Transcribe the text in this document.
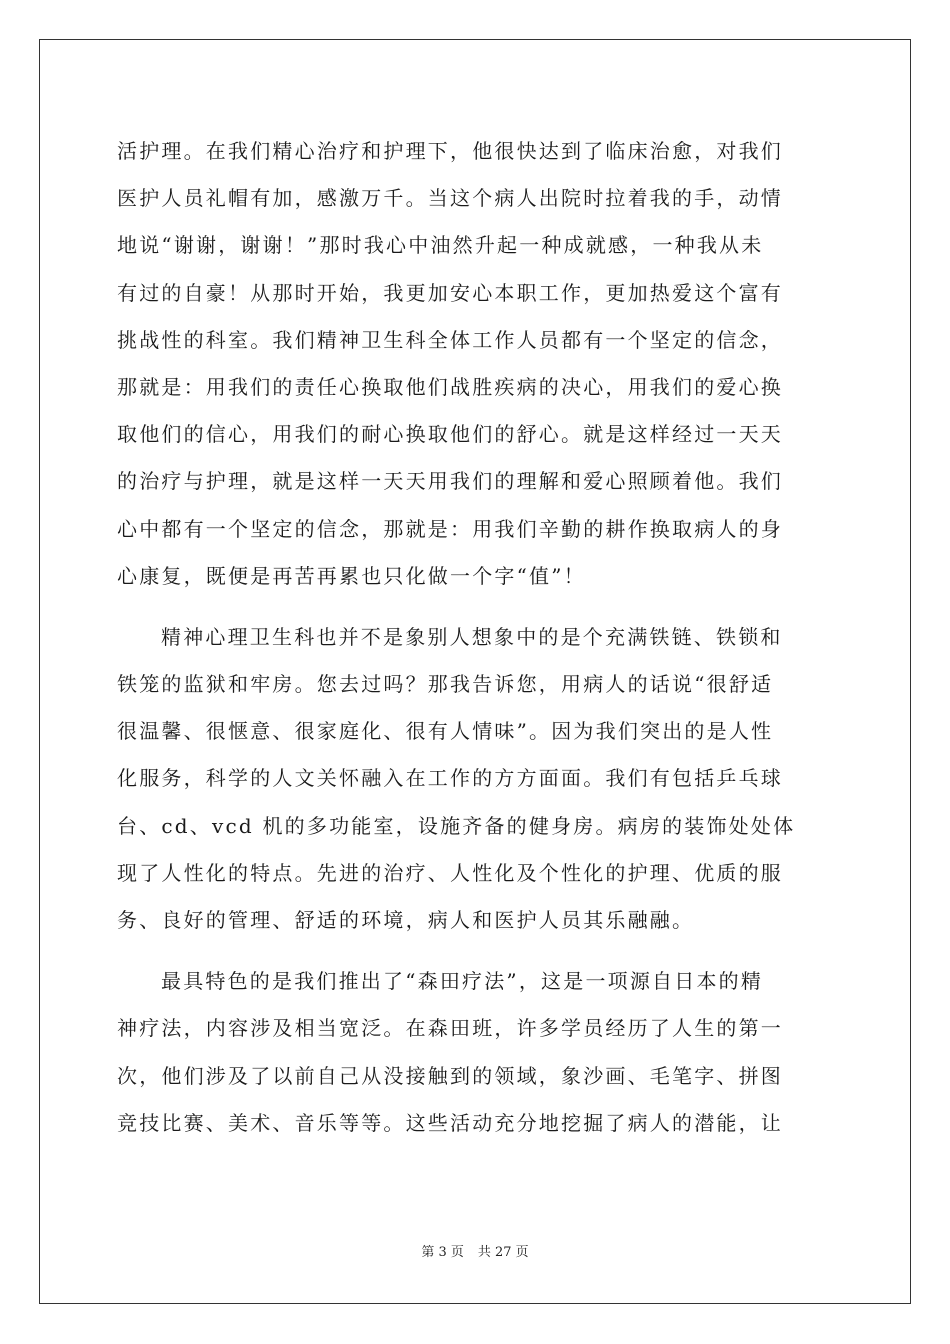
活护理。在我们精心治疗和护理下，他很快达到了临床治愈，对我们
医护人员礼帽有加，感激万千。当这个病人出院时拉着我的手，动情
地说“谢谢，谢谢！”那时我心中油然升起一种成就感，一种我从未
有过的自豪！从那时开始，我更加安心本职工作，更加热爱这个富有
挑战性的科室。我们精神卫生科全体工作人员都有一个坚定的信念，
那就是：用我们的责任心换取他们战胜疾病的决心，用我们的爱心换
取他们的信心，用我们的耐心换取他们的舒心。就是这样经过一天天
的治疗与护理，就是这样一天天用我们的理解和爱心照顾着他。我们
心中都有一个坚定的信念，那就是：用我们辛勤的耕作换取病人的身
心康复，既便是再苦再累也只化做一个字“值”！
精神心理卫生科也并不是象别人想象中的是个充满铁链、铁锁和
铁笼的监狱和牢房。您去过吗？那我告诉您，用病人的话说“很舒适
很温馨、很惬意、很家庭化、很有人情味”。因为我们突出的是人性
化服务，科学的人文关怀融入在工作的方方面面。我们有包括乒乓球
台、cd、vcd 机的多功能室，设施齐备的健身房。病房的装饰处处体
现了人性化的特点。先进的治疗、人性化及个性化的护理、优质的服
务、良好的管理、舒适的环境，病人和医护人员其乐融融。
最具特色的是我们推出了“森田疗法”，这是一项源自日本的精
神疗法，内容涉及相当宽泛。在森田班，许多学员经历了人生的第一
次，他们涉及了以前自己从没接触到的领域，象沙画、毛笔字、拼图
竞技比赛、美术、音乐等等。这些活动充分地挖掘了病人的潜能，让
第 3 页 共 27 页
